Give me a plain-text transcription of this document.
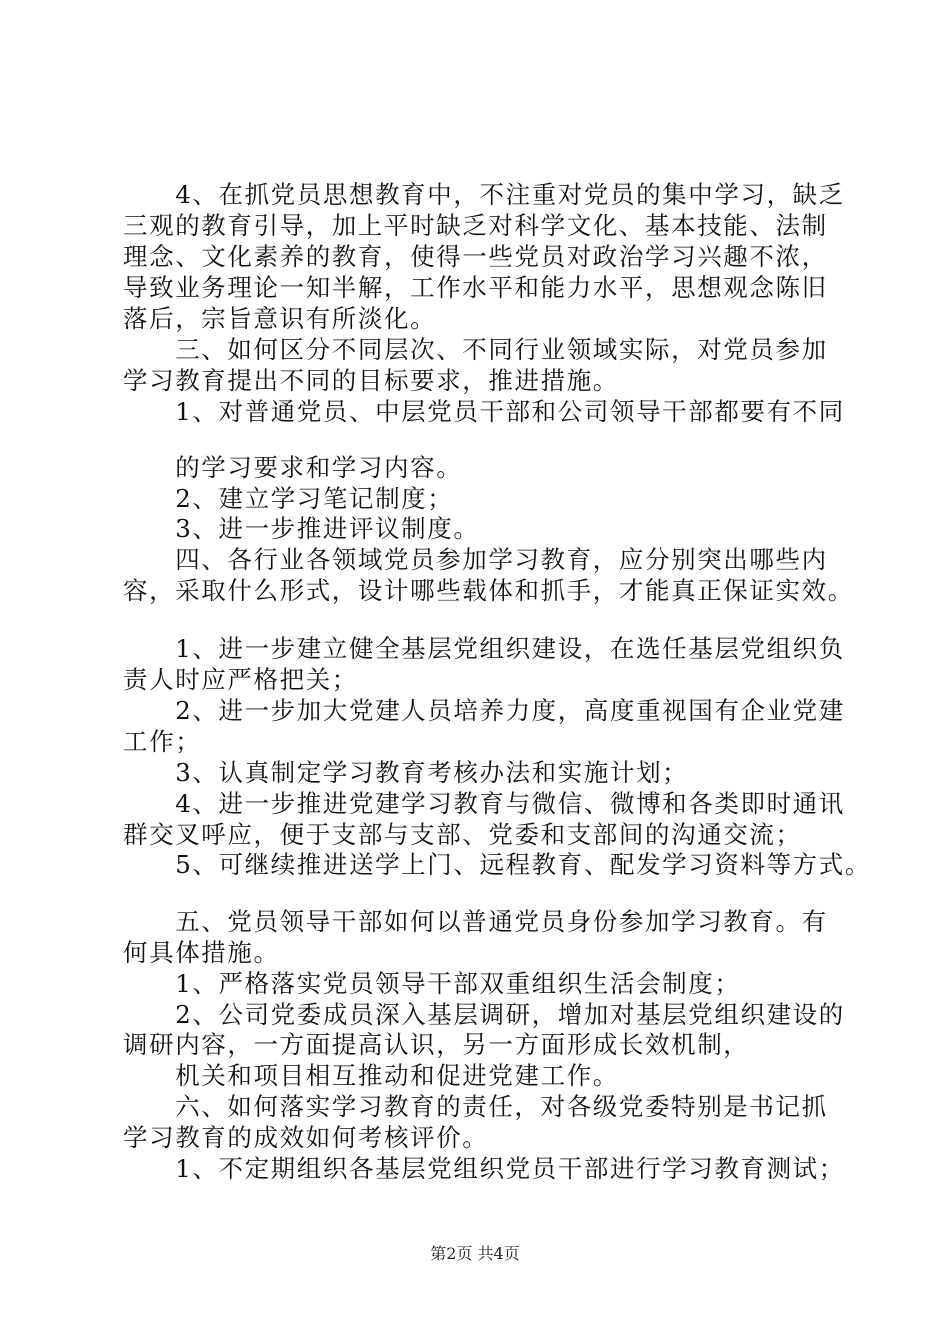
　　4、在抓党员思想教育中，不注重对党员的集中学习，缺乏
三观的教育引导，加上平时缺乏对科学文化、基本技能、法制
理念、文化素养的教育，使得一些党员对政治学习兴趣不浓，
导致业务理论一知半解，工作水平和能力水平，思想观念陈旧
落后，宗旨意识有所淡化。
　　三、如何区分不同层次、不同行业领域实际，对党员参加
学习教育提出不同的目标要求，推进措施。
　　1、对普通党员、中层党员干部和公司领导干部都要有不同
　　的学习要求和学习内容。
　　2、建立学习笔记制度；
　　3、进一步推进评议制度。
　　四、各行业各领域党员参加学习教育，应分别突出哪些内
容，采取什么形式，设计哪些载体和抓手，才能真正保证实效。
　　1、进一步建立健全基层党组织建设，在选任基层党组织负
责人时应严格把关；
　　2、进一步加大党建人员培养力度，高度重视国有企业党建
工作；
　　3、认真制定学习教育考核办法和实施计划；
　　4、进一步推进党建学习教育与微信、微博和各类即时通讯
群交叉呼应，便于支部与支部、党委和支部间的沟通交流；
　　5、可继续推进送学上门、远程教育、配发学习资料等方式。
　　五、党员领导干部如何以普通党员身份参加学习教育。有
何具体措施。
　　1、严格落实党员领导干部双重组织生活会制度；
　　2、公司党委成员深入基层调研，增加对基层党组织建设的
调研内容，一方面提高认识，另一方面形成长效机制，
　　机关和项目相互推动和促进党建工作。
　　六、如何落实学习教育的责任，对各级党委特别是书记抓
学习教育的成效如何考核评价。
　　1、不定期组织各基层党组织党员干部进行学习教育测试；
第2页 共4页
